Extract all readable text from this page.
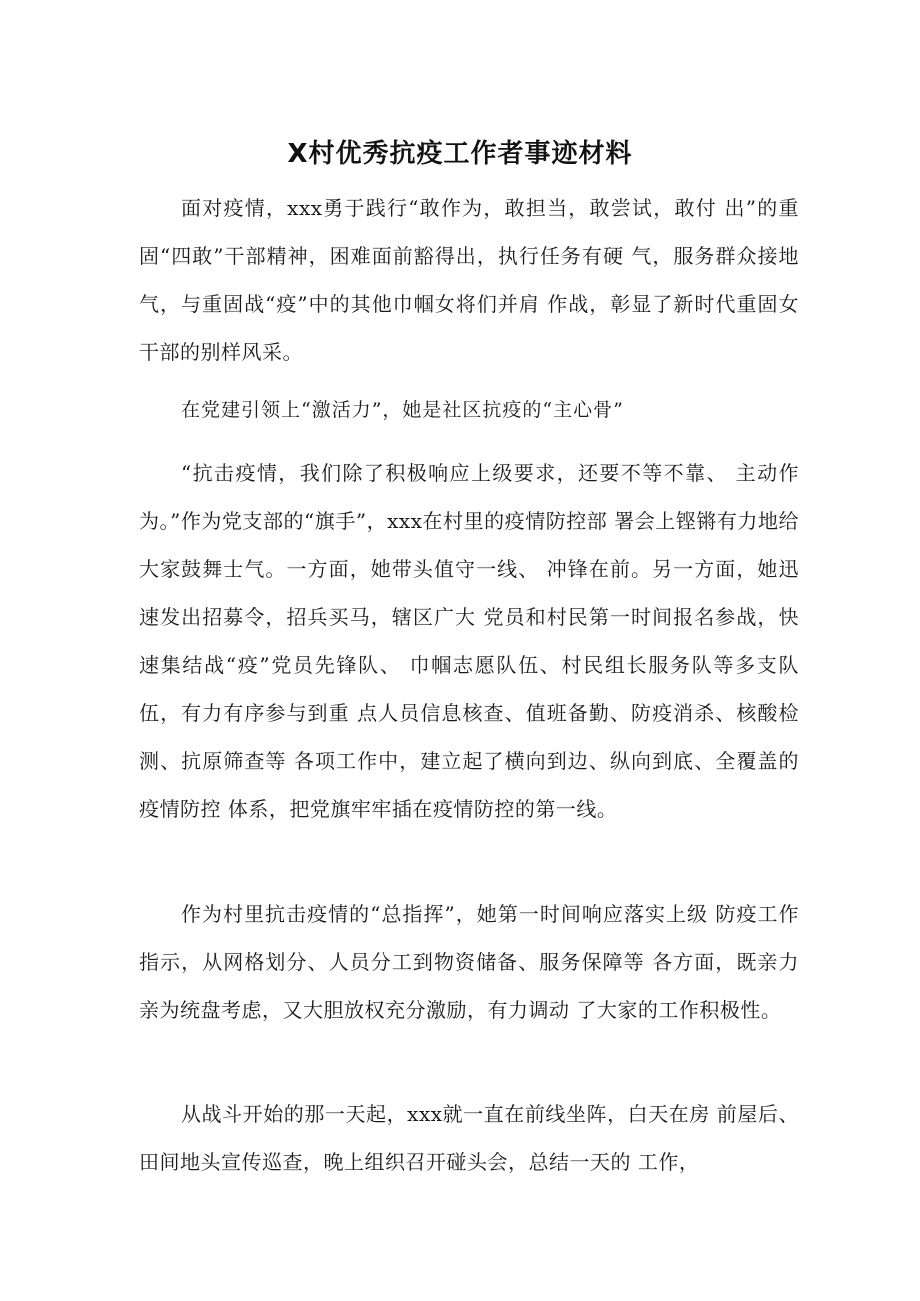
X村优秀抗疫工作者事迹材料

面对疫情，xxx勇于践行“敢作为，敢担当，敢尝试，敢付 出”的重固“四敢”干部精神，困难面前豁得出，执行任务有硬 气，服务群众接地气，与重固战“疫”中的其他巾帼女将们并肩 作战，彰显了新时代重固女干部的别样风采。

在党建引领上“激活力”，她是社区抗疫的“主心骨”

“抗击疫情，我们除了积极响应上级要求，还要不等不靠、 主动作为。”作为党支部的“旗手”，xxx在村里的疫情防控部 署会上铿锵有力地给大家鼓舞士气。一方面，她带头值守一线、 冲锋在前。另一方面，她迅速发出招募令，招兵买马，辖区广大 党员和村民第一时间报名参战，快速集结战“疫”党员先锋队、 巾帼志愿队伍、村民组长服务队等多支队伍，有力有序参与到重 点人员信息核查、值班备勤、防疫消杀、核酸检测、抗原筛查等 各项工作中，建立起了横向到边、纵向到底、全覆盖的疫情防控 体系，把党旗牢牢插在疫情防控的第一线。

作为村里抗击疫情的“总指挥”，她第一时间响应落实上级 防疫工作指示，从网格划分、人员分工到物资储备、服务保障等 各方面，既亲力亲为统盘考虑，又大胆放权充分激励，有力调动 了大家的工作积极性。

从战斗开始的那一天起，xxx就一直在前线坐阵，白天在房 前屋后、田间地头宣传巡查，晚上组织召开碰头会，总结一天的 工作，
